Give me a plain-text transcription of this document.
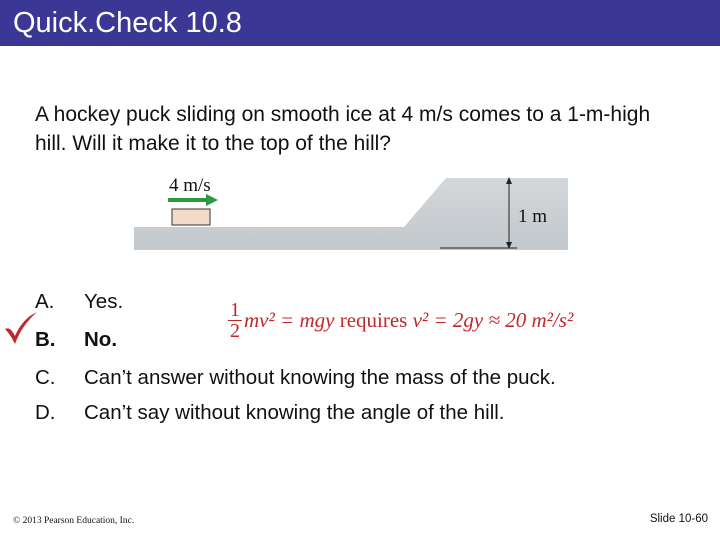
Quick.Check 10.8
A hockey puck sliding on smooth ice at 4 m/s comes to a 1-m-high hill. Will it make it to the top of the hill?
4 m/s
1 m
A. Yes.
B. No.
C. Can’t answer without knowing the mass of the puck.
D. Can’t say without knowing the angle of the hill.
$\frac{1}{2} mv^2$ = mgy requires v² = 2gy ≈ 20 m²/s²
© 2013 Pearson Education, Inc.	Slide 10-60
